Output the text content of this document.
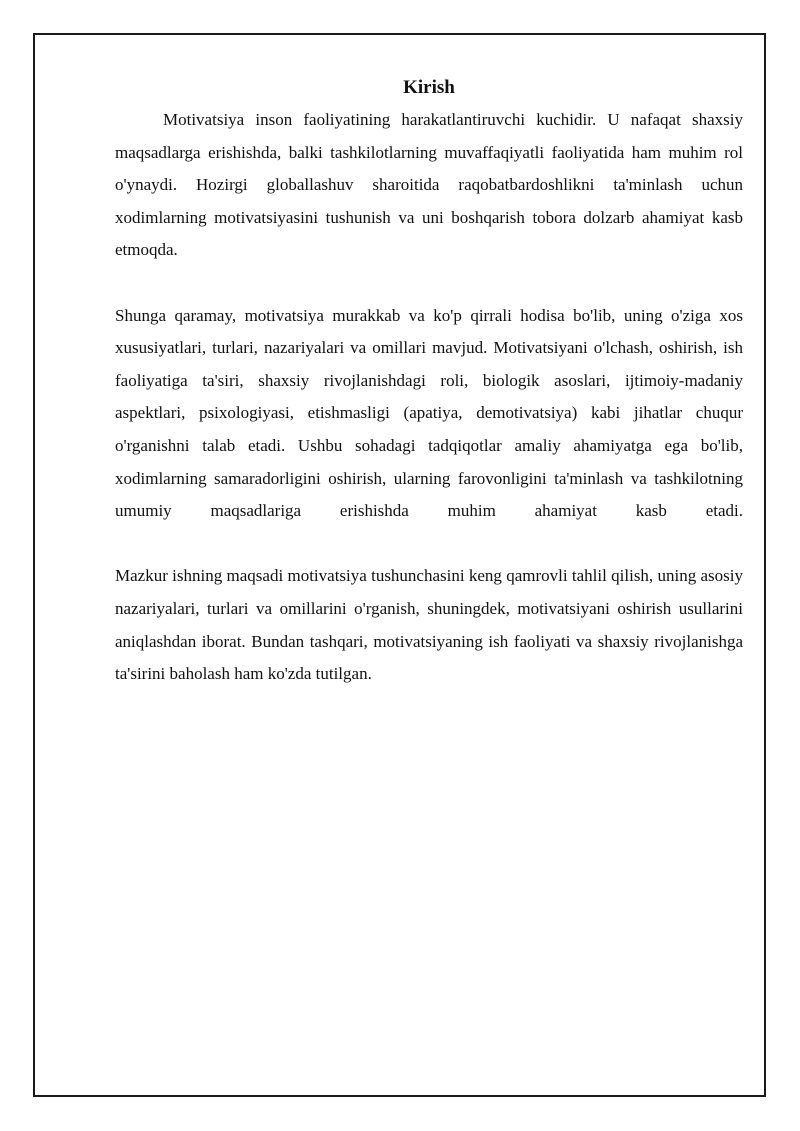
Kirish

Motivatsiya inson faoliyatining harakatlantiruvchi kuchidir. U nafaqat shaxsiy maqsadlarga erishishda, balki tashkilotlarning muvaffaqiyatli faoliyatida ham muhim rol o'ynaydi. Hozirgi globallashuv sharoitida raqobatbardoshlikni ta'minlash uchun xodimlarning motivatsiyasini tushunish va uni boshqarish tobora dolzarb ahamiyat kasb etmoqda.

Shunga qaramay, motivatsiya murakkab va ko'p qirrali hodisa bo'lib, uning o'ziga xos xususiyatlari, turlari, nazariyalari va omillari mavjud. Motivatsiyani o'lchash, oshirish, ish faoliyatiga ta'siri, shaxsiy rivojlanishdagi roli, biologik asoslari, ijtimoiy-madaniy aspektlari, psixologiyasi, etishmasligi (apatiya, demotivatsiya) kabi jihatlar chuqur o'rganishni talab etadi. Ushbu sohadagi tadqiqotlar amaliy ahamiyatga ega bo'lib, xodimlarning samaradorligini oshirish, ularning farovonligini ta'minlash va tashkilotning umumiy maqsadlariga erishishda muhim ahamiyat kasb etadi.

Mazkur ishning maqsadi motivatsiya tushunchasini keng qamrovli tahlil qilish, uning asosiy nazariyalari, turlari va omillarini o'rganish, shuningdek, motivatsiyani oshirish usullarini aniqlashdan iborat. Bundan tashqari, motivatsiyaning ish faoliyati va shaxsiy rivojlanishga ta'sirini baholash ham ko'zda tutilgan.
